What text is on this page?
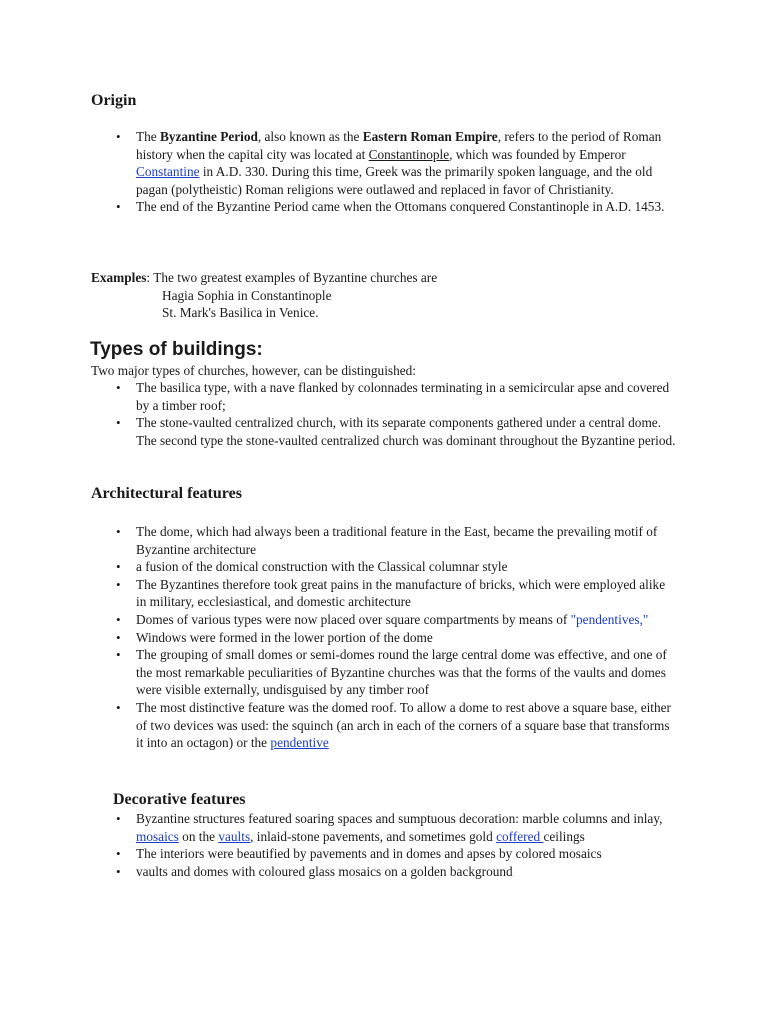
Origin
• The Byzantine Period, also known as the Eastern Roman Empire, refers to the period of Roman history when the capital city was located at Constantinople, which was founded by Emperor Constantine in A.D. 330. During this time, Greek was the primarily spoken language, and the old pagan (polytheistic) Roman religions were outlawed and replaced in favor of Christianity.
• The end of the Byzantine Period came when the Ottomans conquered Constantinople in A.D. 1453.

Examples: The two greatest examples of Byzantine churches are

Hagia Sophia in Constantinople

St. Mark's Basilica in Venice.

Types of buildings:

Two major types of churches, however, can be distinguished:

• The basilica type, with a nave flanked by colonnades terminating in a semicircular apse and covered by a timber roof;
• The stone-vaulted centralized church, with its separate components gathered under a central dome. The second type the stone-vaulted centralized church was dominant throughout the Byzantine period.
Architectural features
• The dome, which had always been a traditional feature in the East, became the prevailing motif of Byzantine architecture
• a fusion of the domical construction with the Classical columnar style
• The Byzantines therefore took great pains in the manufacture of bricks, which were employed alike in military, ecclesiastical, and domestic architecture
• Domes of various types were now placed over square compartments by means of "pendentives,"
• Windows were formed in the lower portion of the dome
• The grouping of small domes or semi-domes round the large central dome was effective, and one of the most remarkable peculiarities of Byzantine churches was that the forms of the vaults and domes were visible externally, undisguised by any timber roof
• The most distinctive feature was the domed roof. To allow a dome to rest above a square base, either of two devices was used: the squinch (an arch in each of the corners of a square base that transforms it into an octagon) or the pendentive
Decorative features
• Byzantine structures featured soaring spaces and sumptuous decoration: marble columns and inlay, mosaics on the vaults, inlaid-stone pavements, and sometimes gold coffered ceilings
• The interiors were beautified by pavements and in domes and apses by colored mosaics
• vaults and domes with coloured glass mosaics on a golden background
